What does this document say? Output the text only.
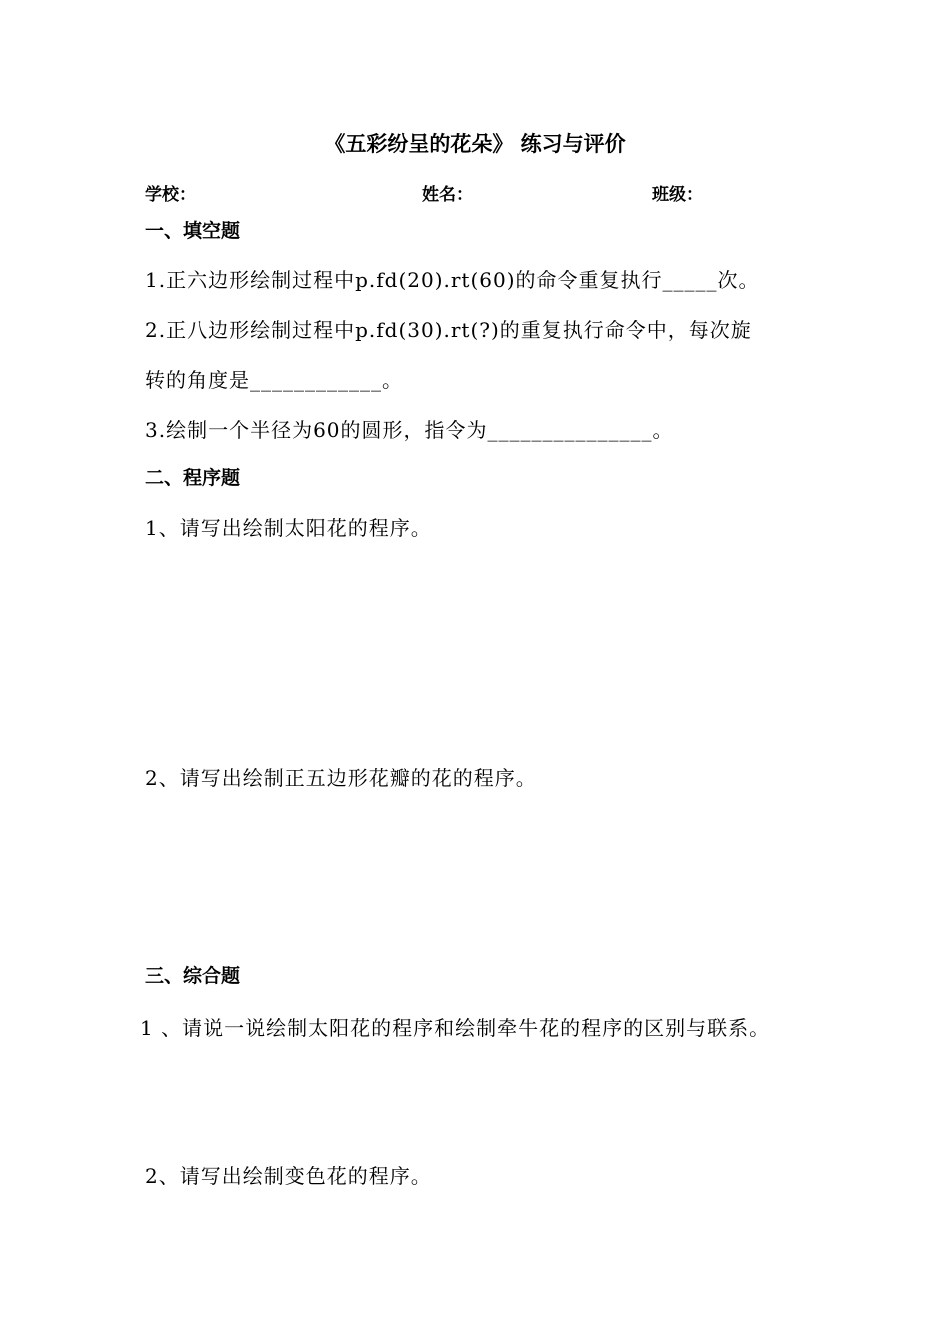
《五彩纷呈的花朵》 练习与评价
学校：	姓名：	班级：
一、填空题
1.正六边形绘制过程中p.fd(20).rt(60)的命令重复执行_____次。
2.正八边形绘制过程中p.fd(30).rt(?)的重复执行命令中，每次旋
转的角度是____________。
3.绘制一个半径为60的圆形，指令为_______________。
二、程序题
1、请写出绘制太阳花的程序。
2、请写出绘制正五边形花瓣的花的程序。
三、综合题
1 、请说一说绘制太阳花的程序和绘制牵牛花的程序的区别与联系。
2、请写出绘制变色花的程序。
